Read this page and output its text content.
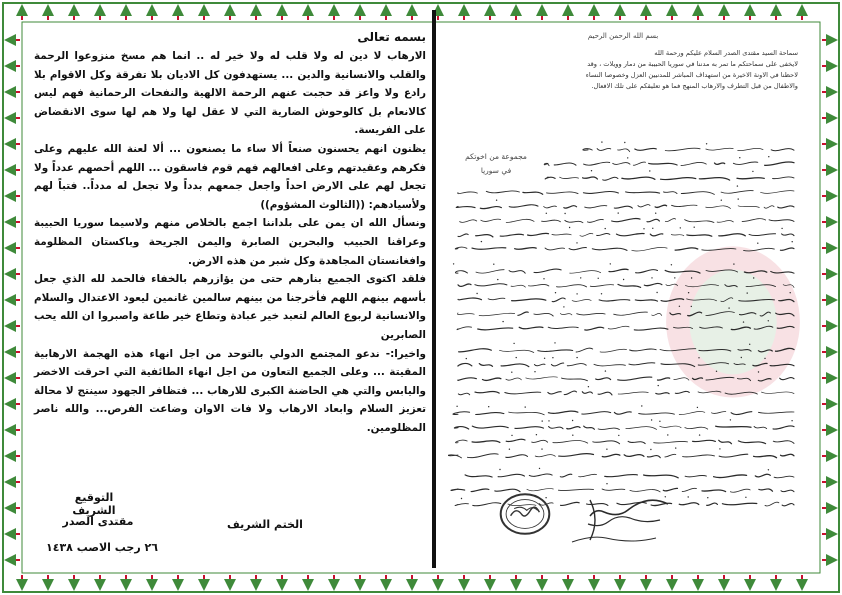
بسمه تعالى

الارهاب لا دين له ولا قلب له ولا خير له .. انما هم مسخ منزوعوا الرحمة والقلب والانسانية والدين ... يستهدفون كل الاديان بلا تفرقة وكل الاقوام بلا رادع ولا واعز قد حجبت عنهم الرحمة الالهية والنفحات الرحمانية فهم ليس كالانعام بل كالوحوش الضارية التي لا عقل لها ولا هم لها سوى الانقضاض على الفريسة.

يظنون انهم يحسنون صنعاً ألا ساء ما يصنعون ... ألا لعنة الله عليهم وعلى فكرهم وعقيدتهم وعلى افعالهم فهم قوم فاسقون ... اللهم أحصهم عدداً ولا تجعل لهم على الارض احداً واجعل جمعهم بدداً ولا تجعل له مدداً.. فتباً لهم ولأسيادهم: ((الثالوث المشؤوم))

ونسأل الله ان يمن على بلداننا اجمع بالخلاص منهم ولاسيما سوريا الحبيبة وعراقنا الحبيب والبحرين الصابرة واليمن الجريحة وباكستان المظلومة وافغانستان المجاهدة وكل شبر من هذه الارض.

فلقد اكتوى الجميع بنارهم حتى من يؤازرهم بالخفاء فالحمد لله الذي جعل بأسهم بينهم اللهم فأخرجنا من بينهم سالمين غانمين ليعود الاعتدال والسلام والانسانية لربوع العالم لتعبد خير عبادة وتطاع خير طاعة واصبروا ان الله يحب الصابرين

واخيرا:- ندعو المجتمع الدولي بالتوحد من اجل انهاء هذه الهجمة الارهابية المقيتة ... وعلى الجميع التعاون من اجل انهاء الطائفية التي احرقت الاخضر واليابس والتي هي الحاضنة الكبرى للارهاب ... فتظافر الجهود سينتج لا محالة تعزيز السلام وابعاد الارهاب ولا فات الاوان وضاعت الفرص... والله ناصر المظلومين.

التوقيع الشريف
مقتدى الصدر
٢٦ رجب الاصب ١٤٣٨
الختم الشريف
بسم الله الرحمن الرحيم
سماحة السيد مقتدى الصدر السلام عليكم ورحمة الله
لايخفى على سماحتكم ما تمر به مدننا في سوريا الحبيبة من دمار وويلات ، وقد
لاحظنا في الاونة الاخيرة من استهداف المباشر للمدنيين العزل وخصوصا النساء
والاطفال من قبل التطرف والارهاب المنهج فما هو تعليقكم على تلك الافعال.
مجموعة من اخوتكم
في سوريا
